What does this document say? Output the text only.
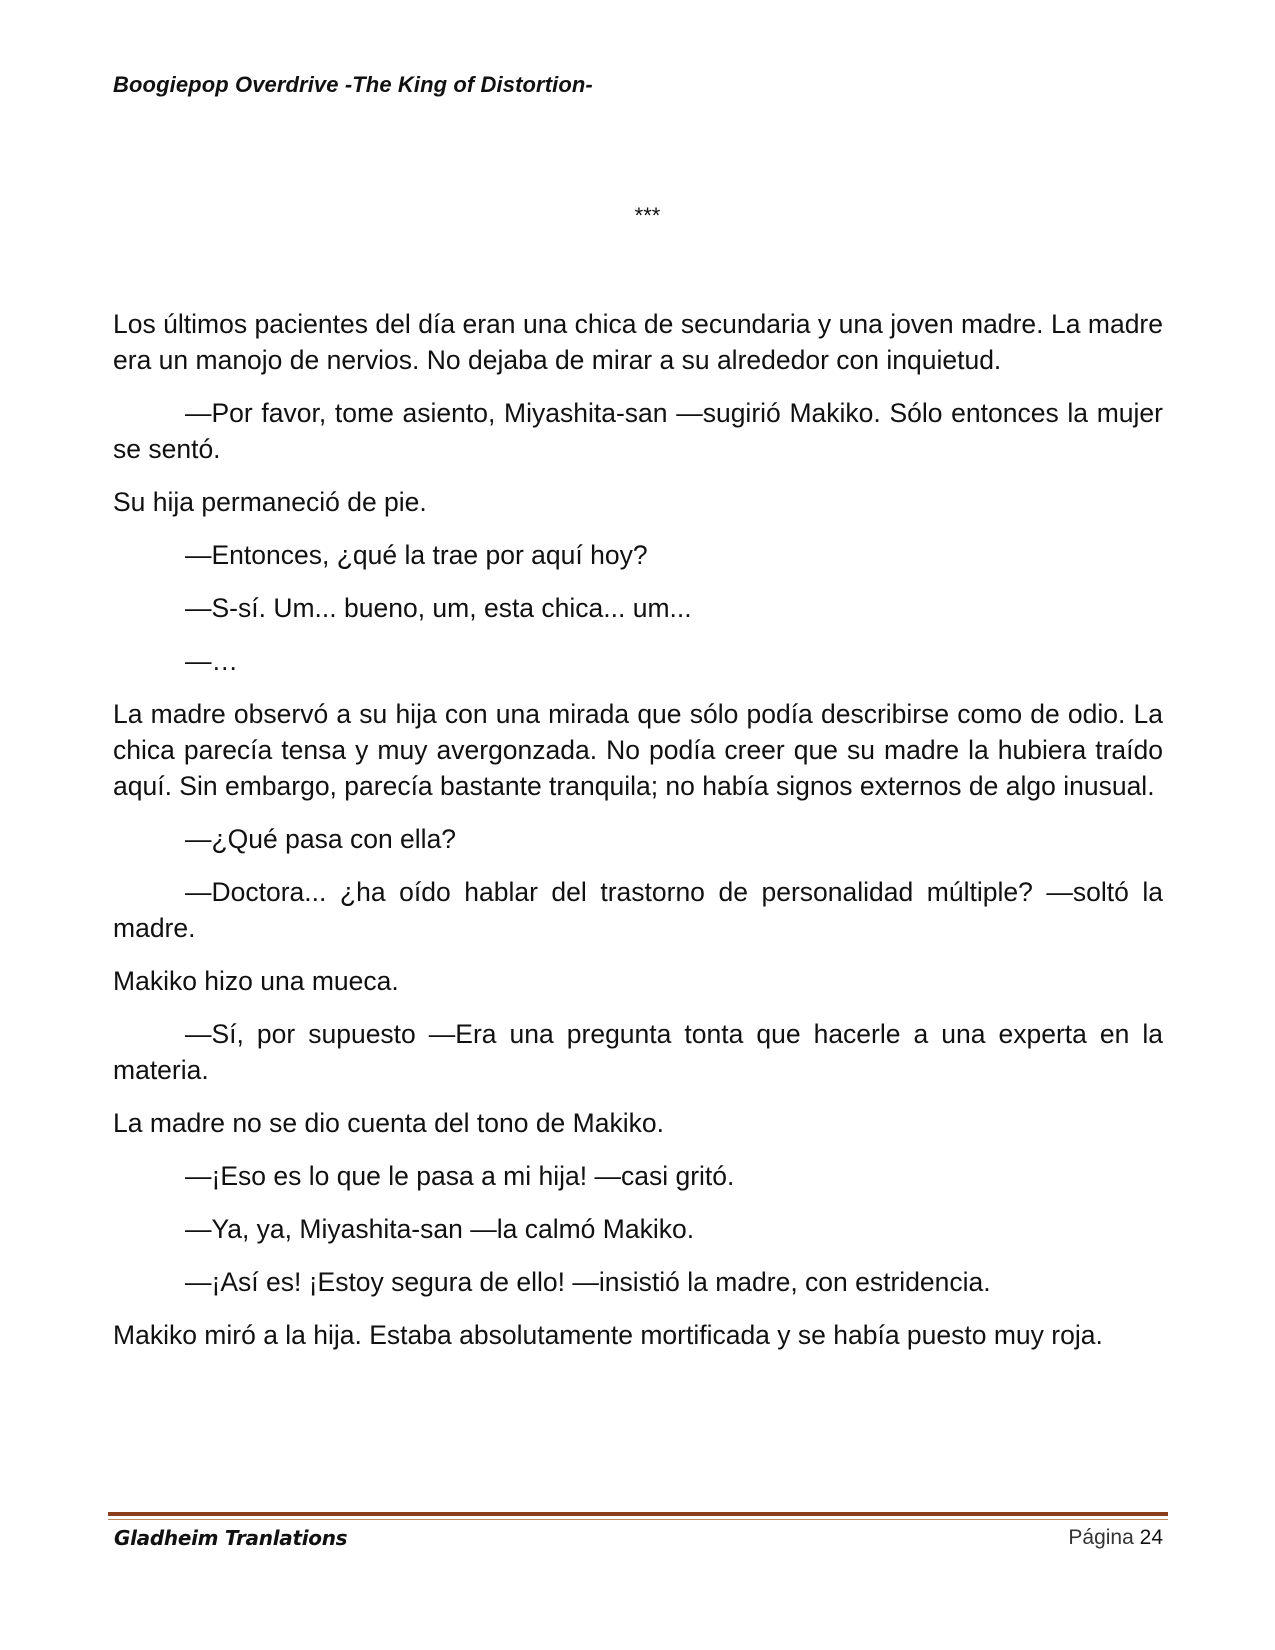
Boogiepop Overdrive -The King of Distortion-
***

Los últimos pacientes del día eran una chica de secundaria y una joven madre. La madre era un manojo de nervios. No dejaba de mirar a su alrededor con inquietud.

—Por favor, tome asiento, Miyashita-san —sugirió Makiko. Sólo entonces la mujer se sentó.

Su hija permaneció de pie.

—Entonces, ¿qué la trae por aquí hoy?

—S-sí. Um... bueno, um, esta chica... um...

—…

La madre observó a su hija con una mirada que sólo podía describirse como de odio. La chica parecía tensa y muy avergonzada. No podía creer que su madre la hubiera traído aquí. Sin embargo, parecía bastante tranquila; no había signos externos de algo inusual.

—¿Qué pasa con ella?

—Doctora... ¿ha oído hablar del trastorno de personalidad múltiple? —soltó la madre.

Makiko hizo una mueca.

—Sí, por supuesto —Era una pregunta tonta que hacerle a una experta en la materia.

La madre no se dio cuenta del tono de Makiko.

—¡Eso es lo que le pasa a mi hija! —casi gritó.

—Ya, ya, Miyashita-san —la calmó Makiko.

—¡Así es! ¡Estoy segura de ello! —insistió la madre, con estridencia.

Makiko miró a la hija. Estaba absolutamente mortificada y se había puesto muy roja.

Gladheim Tranlations	Página 24
